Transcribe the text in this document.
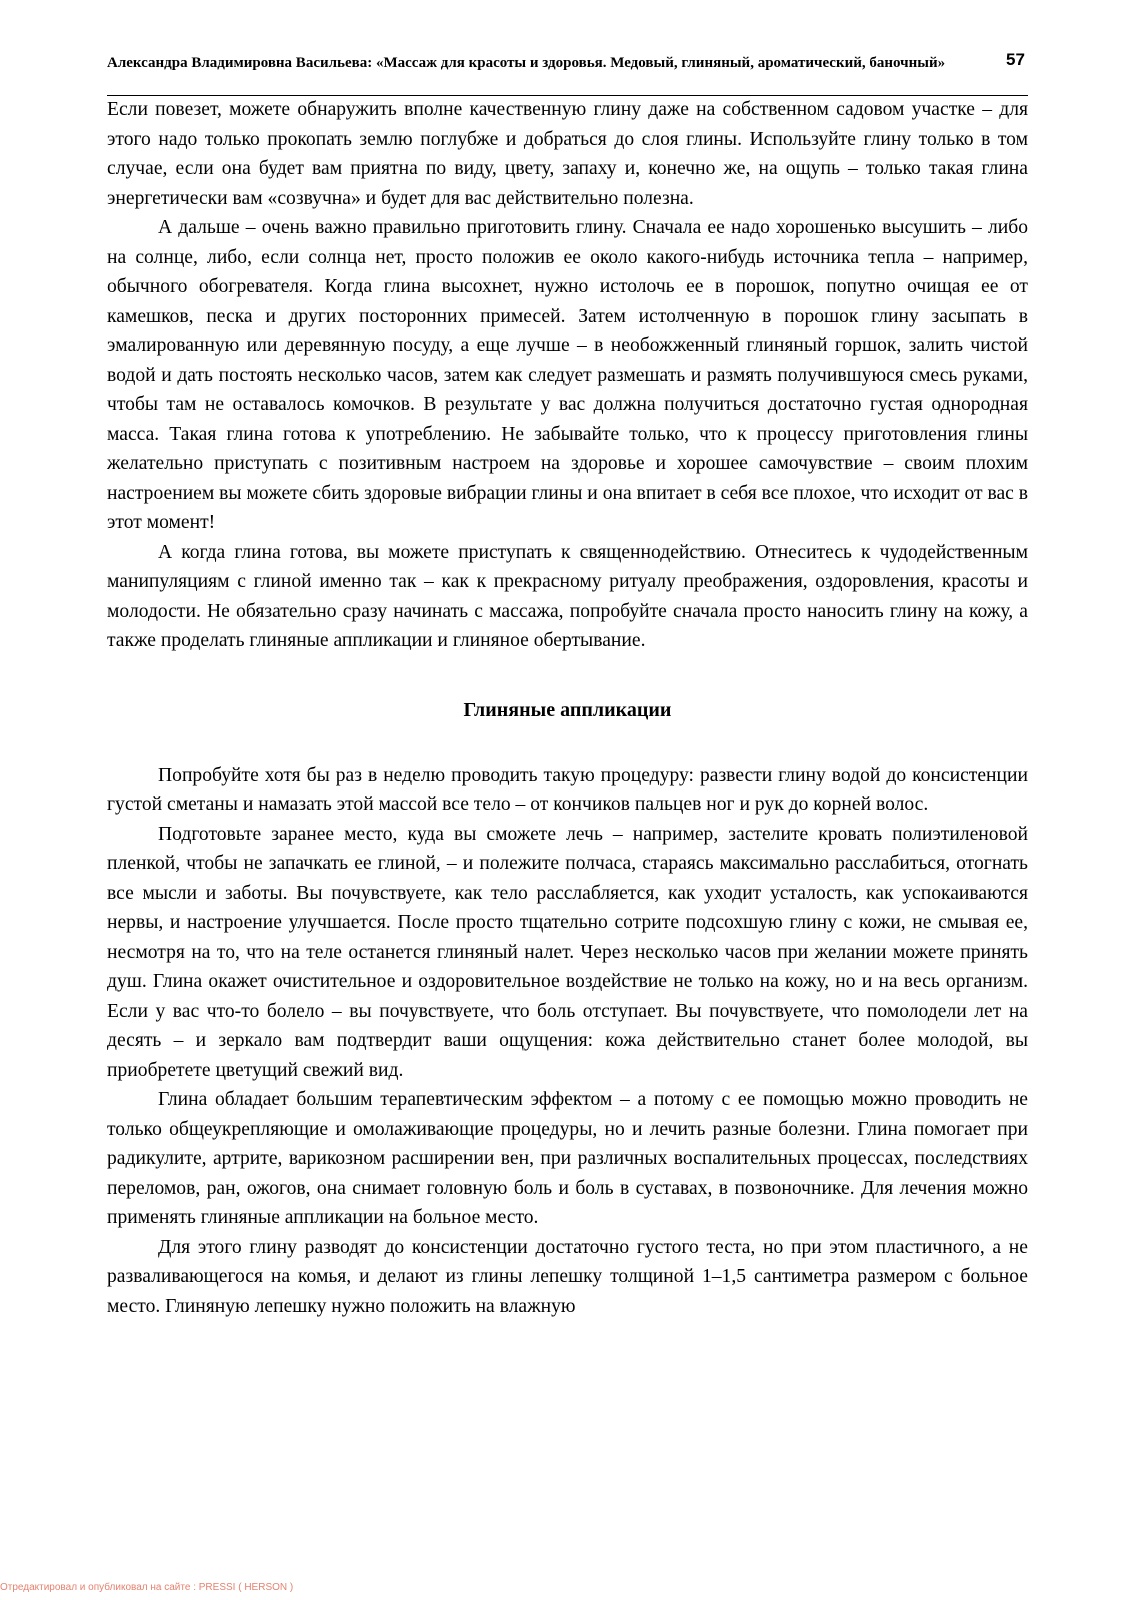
Александра Владимировна Васильева: «Массаж для красоты и здоровья. Медовый, глиняный, ароматический, баночный»	57

Если повезет, можете обнаружить вполне качественную глину даже на собственном садовом участке – для этого надо только прокопать землю поглубже и добраться до слоя глины. Используйте глину только в том случае, если она будет вам приятна по виду, цвету, запаху и, конечно же, на ощупь – только такая глина энергетически вам «созвучна» и будет для вас действительно полезна.

А дальше – очень важно правильно приготовить глину. Сначала ее надо хорошенько высушить – либо на солнце, либо, если солнца нет, просто положив ее около какого-нибудь источника тепла – например, обычного обогревателя. Когда глина высохнет, нужно истолочь ее в порошок, попутно очищая ее от камешков, песка и других посторонних примесей. Затем истолченную в порошок глину засыпать в эмалированную или деревянную посуду, а еще лучше – в необожженный глиняный горшок, залить чистой водой и дать постоять несколько часов, затем как следует размешать и размять получившуюся смесь руками, чтобы там не оставалось комочков. В результате у вас должна получиться достаточно густая однородная масса. Такая глина готова к употреблению. Не забывайте только, что к процессу приготовления глины желательно приступать с позитивным настроем на здоровье и хорошее самочувствие – своим плохим настроением вы можете сбить здоровые вибрации глины и она впитает в себя все плохое, что исходит от вас в этот момент!

А когда глина готова, вы можете приступать к священнодействию. Отнеситесь к чудодейственным манипуляциям с глиной именно так – как к прекрасному ритуалу преображения, оздоровления, красоты и молодости. Не обязательно сразу начинать с массажа, попробуйте сначала просто наносить глину на кожу, а также проделать глиняные аппликации и глиняное обертывание.

Глиняные аппликации

Попробуйте хотя бы раз в неделю проводить такую процедуру: развести глину водой до консистенции густой сметаны и намазать этой массой все тело – от кончиков пальцев ног и рук до корней волос.

Подготовьте заранее место, куда вы сможете лечь – например, застелите кровать полиэтиленовой пленкой, чтобы не запачкать ее глиной, – и полежите полчаса, стараясь максимально расслабиться, отогнать все мысли и заботы. Вы почувствуете, как тело расслабляется, как уходит усталость, как успокаиваются нервы, и настроение улучшается. После просто тщательно сотрите подсохшую глину с кожи, не смывая ее, несмотря на то, что на теле останется глиняный налет. Через несколько часов при желании можете принять душ. Глина окажет очистительное и оздоровительное воздействие не только на кожу, но и на весь организм. Если у вас что-то болело – вы почувствуете, что боль отступает. Вы почувствуете, что помолодели лет на десять – и зеркало вам подтвердит ваши ощущения: кожа действительно станет более молодой, вы приобретете цветущий свежий вид.

Глина обладает большим терапевтическим эффектом – а потому с ее помощью можно проводить не только общеукрепляющие и омолаживающие процедуры, но и лечить разные болезни. Глина помогает при радикулите, артрите, варикозном расширении вен, при различных воспалительных процессах, последствиях переломов, ран, ожогов, она снимает головную боль и боль в суставах, в позвоночнике. Для лечения можно применять глиняные аппликации на больное место.

Для этого глину разводят до консистенции достаточно густого теста, но при этом пластичного, а не разваливающегося на комья, и делают из глины лепешку толщиной 1–1,5 сантиметра размером с больное место. Глиняную лепешку нужно положить на влажную

Отредактировал и опубликовал на сайте : PRESSI ( HERSON )
